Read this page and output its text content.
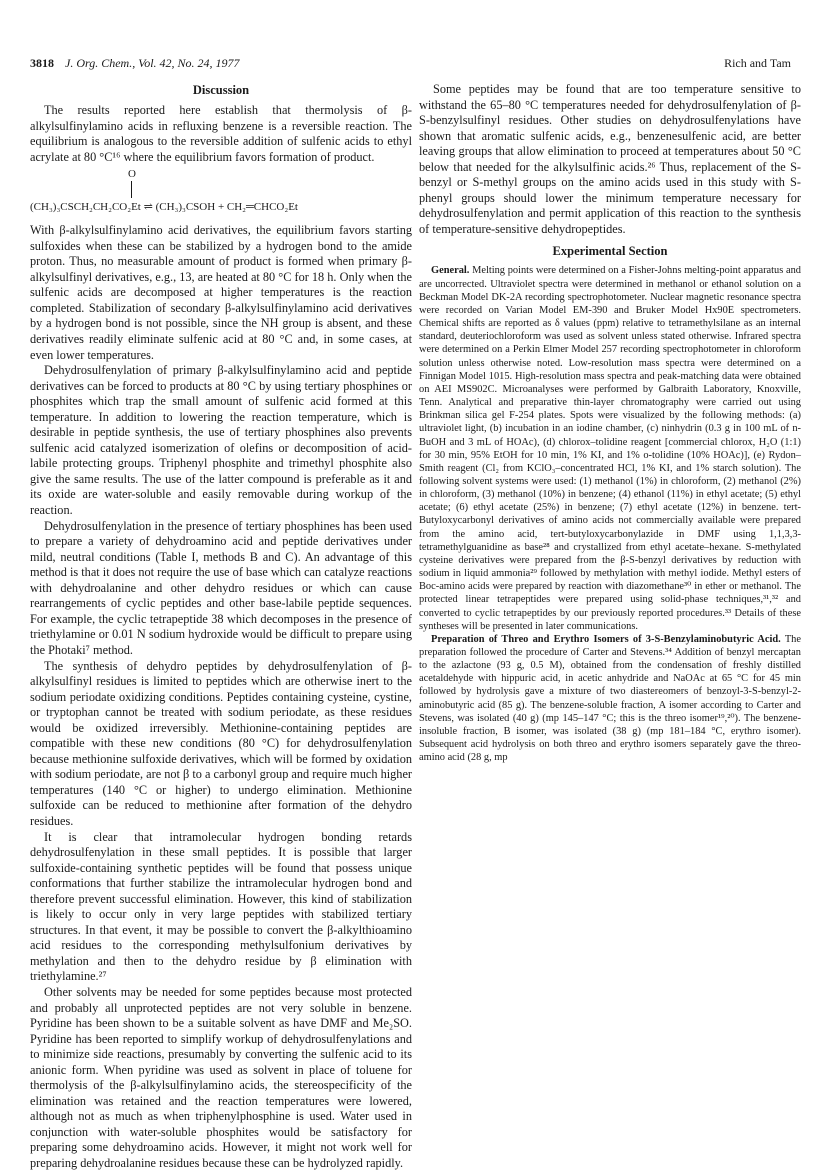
3818 J. Org. Chem., Vol. 42, No. 24, 1977	Rich and Tam
Discussion

The results reported here establish that thermolysis of β-alkylsulfinylamino acids in refluxing benzene is a reversible reaction. The equilibrium is analogous to the reversible addition of sulfenic acids to ethyl acrylate at 80 °C¹⁶ where the equilibrium favors formation of product.

O
(CH₃)₃CSCH₂CH₂CO₂Et ⇌ (CH₃)₃CSOH + CH₂═CHCO₂Et

With β-alkylsulfinylamino acid derivatives, the equilibrium favors starting sulfoxides when these can be stabilized by a hydrogen bond to the amide proton. Thus, no measurable amount of product is formed when primary β-alkylsulfinyl derivatives, e.g., 13, are heated at 80 °C for 18 h. Only when the sulfenic acids are decomposed at higher temperatures is the reaction completed. Stabilization of secondary β-alkylsulfinylamino acid derivatives by a hydrogen bond is not possible, since the NH group is absent, and these derivatives readily eliminate sulfenic acid at 80 °C and, in some cases, at even lower temperatures.

Dehydrosulfenylation of primary β-alkylsulfinylamino acid and peptide derivatives can be forced to products at 80 °C by using tertiary phosphines or phosphites which trap the small amount of sulfenic acid formed at this temperature. In addition to lowering the reaction temperature, which is desirable in peptide synthesis, the use of tertiary phosphines also prevents sulfenic acid catalyzed isomerization of olefins or decomposition of acid-labile protecting groups. Triphenyl phosphite and trimethyl phosphite also give the same results. The use of the latter compound is preferable as it and its oxide are water-soluble and easily removable during workup of the reaction.

Dehydrosulfenylation in the presence of tertiary phosphines has been used to prepare a variety of dehydroamino acid and peptide derivatives under mild, neutral conditions (Table I, methods B and C). An advantage of this method is that it does not require the use of base which can catalyze reactions with dehydroalanine and other dehydro residues or which can cause rearrangements of cyclic peptides and other base-labile peptide sequences. For example, the cyclic tetrapeptide 38 which decomposes in the presence of triethylamine or 0.01 N sodium hydroxide would be difficult to prepare using the Photaki⁷ method.

The synthesis of dehydro peptides by dehydrosulfenylation of β-alkylsulfinyl residues is limited to peptides which are otherwise inert to the sodium periodate oxidizing conditions. Peptides containing cysteine, cystine, or tryptophan cannot be treated with sodium periodate, as these residues would be oxidized irreversibly. Methionine-containing peptides are compatible with these new conditions (80 °C) for dehydrosulfenylation because methionine sulfoxide derivatives, which will be formed by oxidation with sodium periodate, are not β to a carbonyl group and require much higher temperatures (140 °C or higher) to undergo elimination. Methionine sulfoxide can be reduced to methionine after formation of the dehydro residues.

It is clear that intramolecular hydrogen bonding retards dehydrosulfenylation in these small peptides. It is possible that larger sulfoxide-containing synthetic peptides will be found that possess unique conformations that further stabilize the intramolecular hydrogen bond and therefore prevent successful elimination. However, this kind of stabilization is likely to occur only in very large peptides with stabilized tertiary structures. In that event, it may be possible to convert the β-alkylthioamino acid residues to the corresponding methylsulfonium derivatives by methylation and then to the dehydro residue by β elimination with triethylamine.²⁷

Other solvents may be needed for some peptides because most protected and probably all unprotected peptides are not very soluble in benzene. Pyridine has been shown to be a suitable solvent as have DMF and Me₂SO. Pyridine has been reported to simplify workup of dehydrosulfenylations and to minimize side reactions, presumably by converting the sulfenic acid to its anionic form. When pyridine was used as solvent in place of toluene for thermolysis of the β-alkylsulfinylamino acids, the stereospecificity of the elimination was retained and the reaction temperatures were lowered, although not as much as when triphenylphosphine is used. Water used in conjunction with water-soluble phosphites would be satisfactory for preparing some dehydroamino acids. However, it might not work well for preparing dehydroalanine residues because these can be hydrolyzed rapidly.

Some peptides may be found that are too temperature sensitive to withstand the 65–80 °C temperatures needed for dehydrosulfenylation of β-S-benzylsulfinyl residues. Other studies on dehydrosulfenylations have shown that aromatic sulfenic acids, e.g., benzenesulfenic acid, are better leaving groups that allow elimination to proceed at temperatures about 50 °C below that needed for the alkylsulfinic acids.²⁶ Thus, replacement of the S-benzyl or S-methyl groups on the amino acids used in this study with S-phenyl groups should lower the minimum temperature necessary for dehydrosulfenylation and permit application of this reaction to the synthesis of temperature-sensitive dehydropeptides.

Experimental Section

General. Melting points were determined on a Fisher-Johns melting-point apparatus and are uncorrected. Ultraviolet spectra were determined in methanol or ethanol solution on a Beckman Model DK-2A recording spectrophotometer. Nuclear magnetic resonance spectra were recorded on Varian Model EM-390 and Bruker Model Hx90E spectrometers. Chemical shifts are reported as δ values (ppm) relative to tetramethylsilane as an internal standard, deuteriochloroform was used as solvent unless stated otherwise. Infrared spectra were determined on a Perkin Elmer Model 257 recording spectrophotometer in chloroform solution unless otherwise noted. Low-resolution mass spectra were determined on a Finnigan Model 1015. High-resolution mass spectra and peak-matching data were obtained on AEI MS902C. Microanalyses were performed by Galbraith Laboratory, Knoxville, Tenn. Analytical and preparative thin-layer chromatography were carried out using Brinkman silica gel F-254 plates. Spots were visualized by the following methods: (a) ultraviolet light, (b) incubation in an iodine chamber, (c) ninhydrin (0.3 g in 100 mL of n-BuOH and 3 mL of HOAc), (d) chlorox–tolidine reagent [commercial chlorox, H₂O (1:1) for 30 min, 95% EtOH for 10 min, 1% KI, and 1% o-tolidine (10% HOAc)], (e) Rydon–Smith reagent (Cl₂ from KClO₃–concentrated HCl, 1% KI, and 1% starch solution). The following solvent systems were used: (1) methanol (1%) in chloroform, (2) methanol (2%) in chloroform, (3) methanol (10%) in benzene; (4) ethanol (11%) in ethyl acetate; (5) ethyl acetate; (6) ethyl acetate (25%) in benzene; (7) ethyl acetate (12%) in benzene. tert-Butyloxycarbonyl derivatives of amino acids not commercially available were prepared from the amino acid, tert-butyloxycarbonylazide in DMF using 1,1,3,3-tetramethylguanidine as base²⁸ and crystallized from ethyl acetate–hexane. S-methylated cysteine derivatives were prepared from the β-S-benzyl derivatives by reduction with sodium in liquid ammonia²⁹ followed by methylation with methyl iodide. Methyl esters of Boc-amino acids were prepared by reaction with diazomethane³⁰ in ether or methanol. The protected linear tetrapeptides were prepared using solid-phase techniques,³¹,³² and converted to cyclic tetrapeptides by our previously reported procedures.³³ Details of these syntheses will be presented in later communications.

Preparation of Threo and Erythro Isomers of 3-S-Benzylaminobutyric Acid. The preparation followed the procedure of Carter and Stevens.³⁴ Addition of benzyl mercaptan to the azlactone (93 g, 0.5 M), obtained from the condensation of freshly distilled acetaldehyde with hippuric acid, in acetic anhydride and NaOAc at 65 °C for 45 min followed by hydrolysis gave a mixture of two diastereomers of benzoyl-3-S-benzyl-2-aminobutyric acid (85 g). The benzene-soluble fraction, A isomer according to Carter and Stevens, was isolated (40 g) (mp 145–147 °C; this is the threo isomer¹⁹,²⁰). The benzene-insoluble fraction, B isomer, was isolated (38 g) (mp 181–184 °C, erythro isomer). Subsequent acid hydrolysis on both threo and erythro isomers separately gave the threo-amino acid (28 g, mp
